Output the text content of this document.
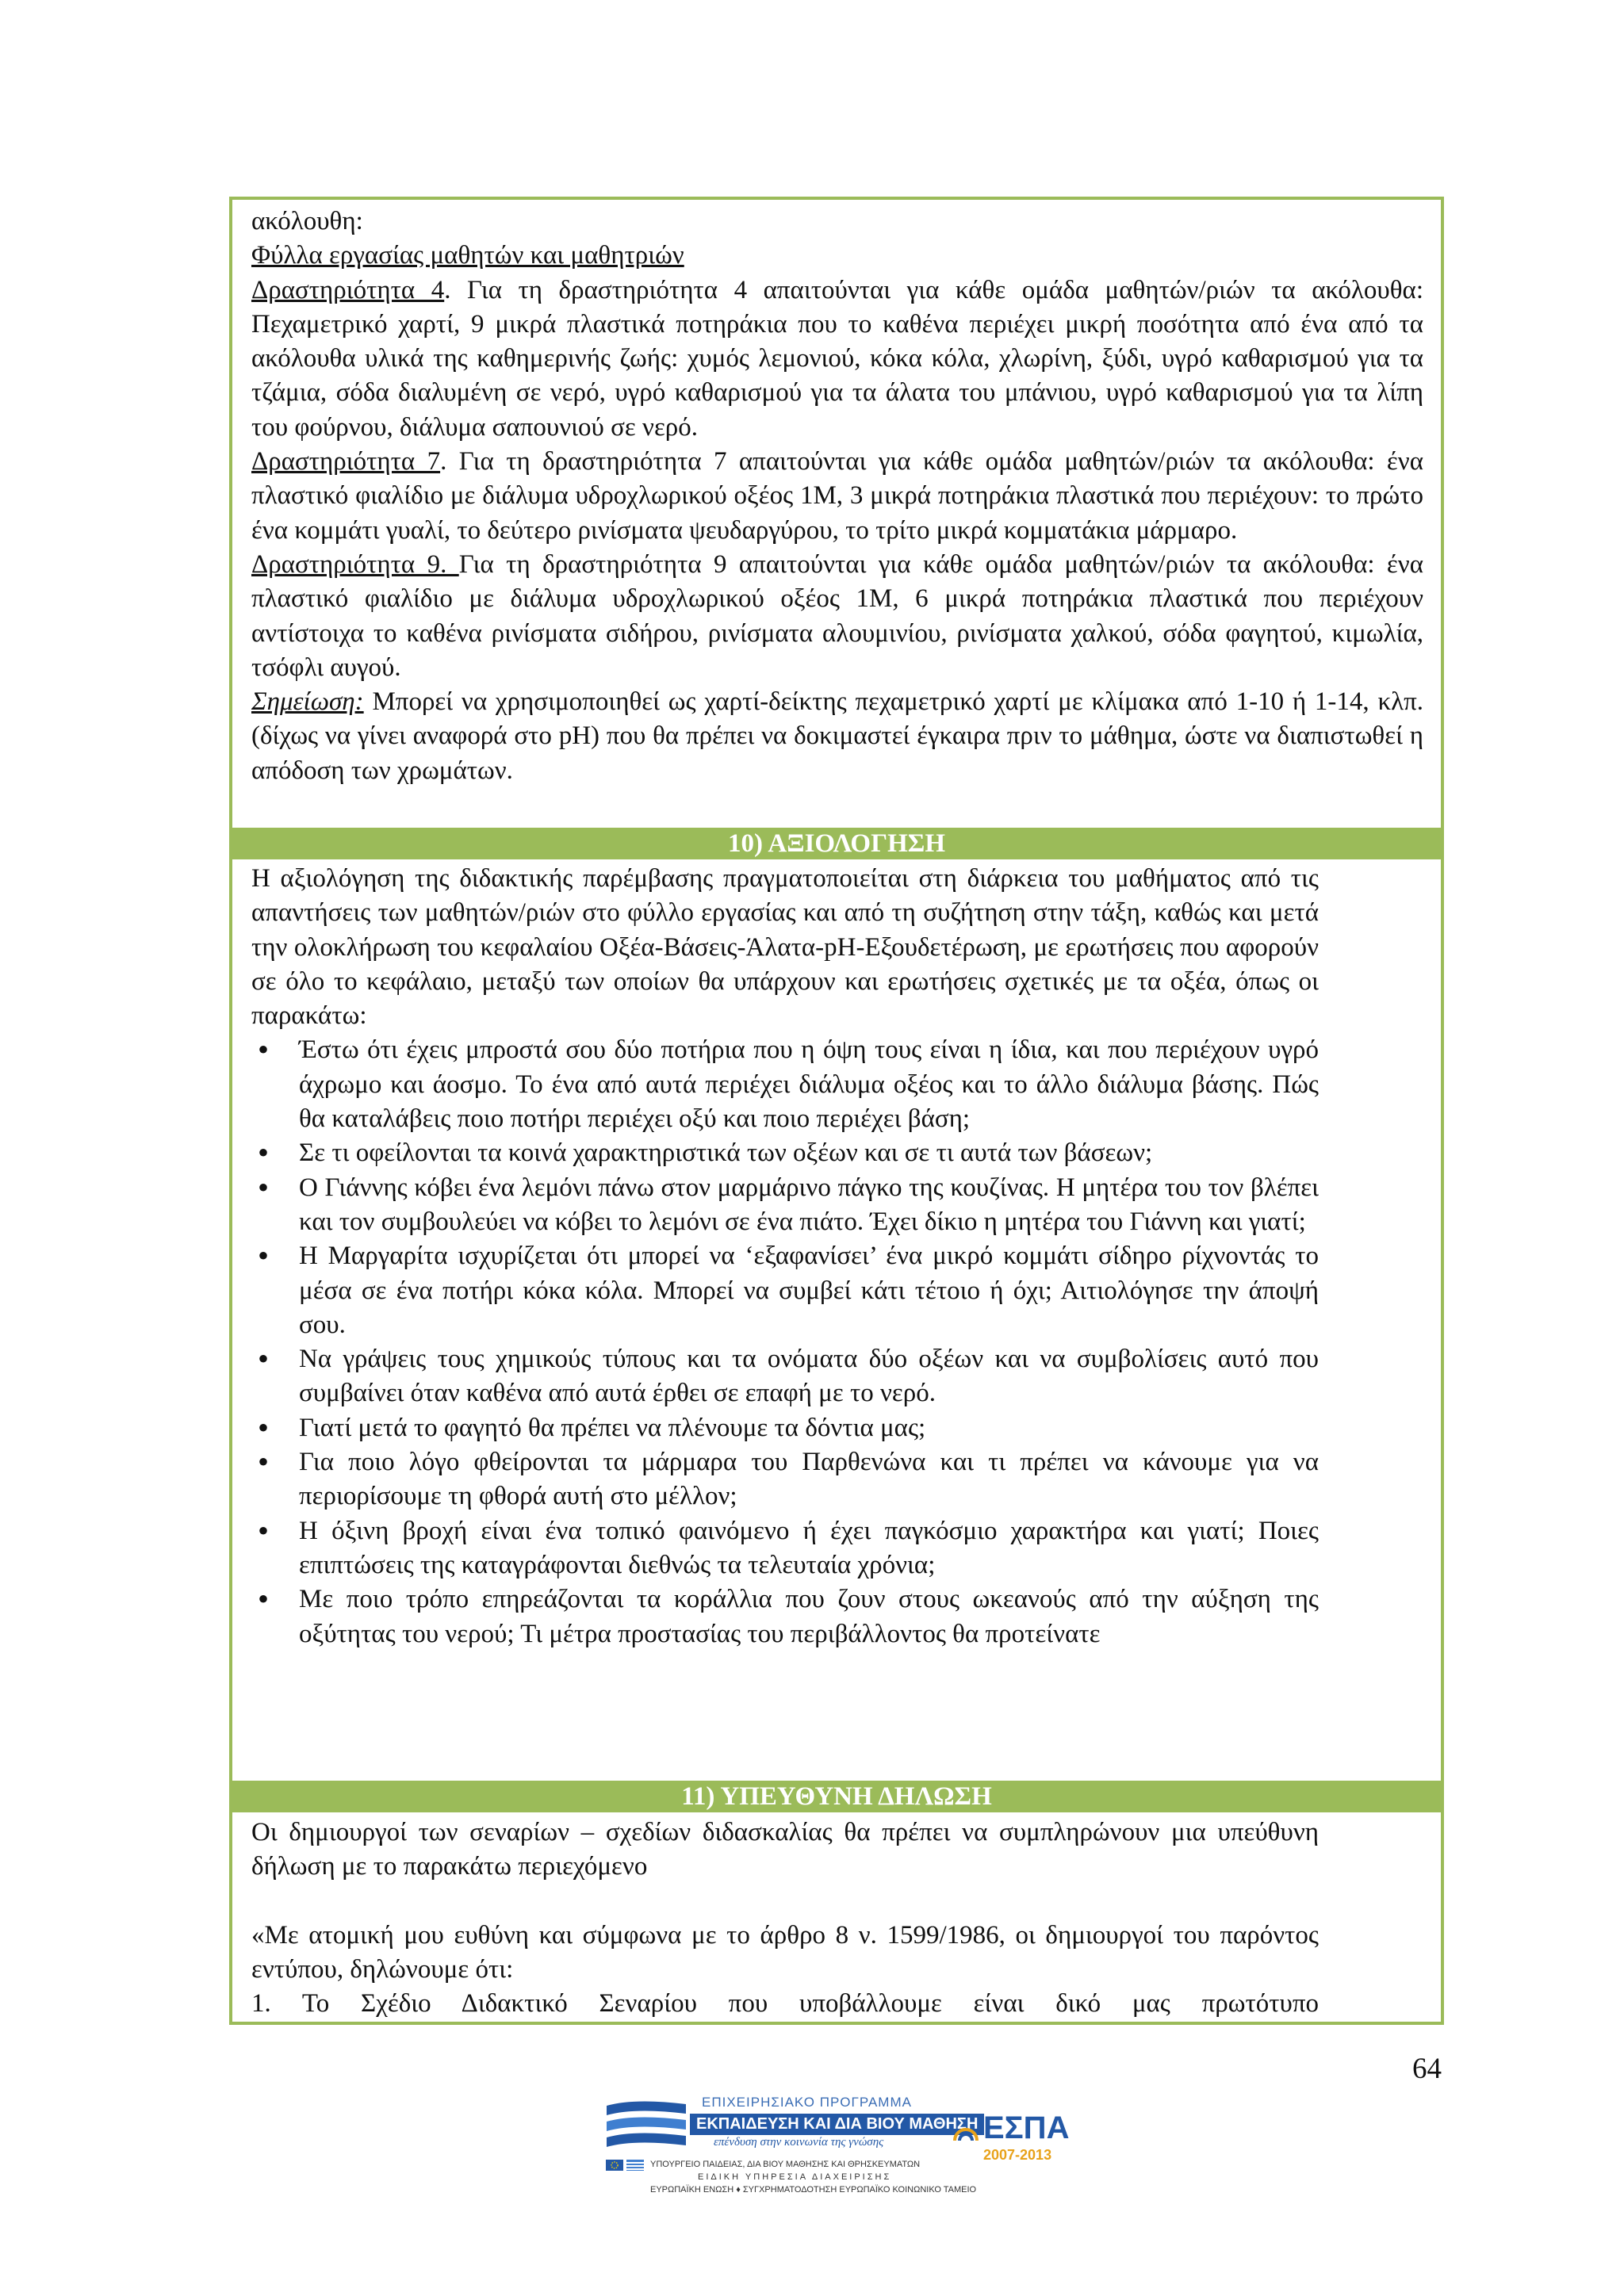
ακόλουθη:
Φύλλα εργασίας μαθητών και μαθητριών
Δραστηριότητα 4. Για τη δραστηριότητα 4 απαιτούνται για κάθε ομάδα μαθητών/ριών τα ακόλουθα: Πεχαμετρικό χαρτί, 9 μικρά πλαστικά ποτηράκια που το καθένα περιέχει μικρή ποσότητα από ένα από τα ακόλουθα υλικά της καθημερινής ζωής: χυμός λεμονιού, κόκα κόλα, χλωρίνη, ξύδι, υγρό καθαρισμού για τα τζάμια, σόδα διαλυμένη σε νερό, υγρό καθαρισμού για τα άλατα του μπάνιου, υγρό καθαρισμού για τα λίπη του φούρνου, διάλυμα σαπουνιού σε νερό.
Δραστηριότητα 7. Για τη δραστηριότητα 7 απαιτούνται για κάθε ομάδα μαθητών/ριών τα ακόλουθα: ένα πλαστικό φιαλίδιο με διάλυμα υδροχλωρικού οξέος 1M, 3 μικρά ποτηράκια πλαστικά που περιέχουν: το πρώτο ένα κομμάτι γυαλί, το δεύτερο ρινίσματα ψευδαργύρου, το τρίτο μικρά κομματάκια μάρμαρο.
Δραστηριότητα 9. Για τη δραστηριότητα 9 απαιτούνται για κάθε ομάδα μαθητών/ριών τα ακόλουθα: ένα πλαστικό φιαλίδιο με διάλυμα υδροχλωρικού οξέος 1M, 6 μικρά ποτηράκια πλαστικά που περιέχουν αντίστοιχα το καθένα ρινίσματα σιδήρου, ρινίσματα αλουμινίου, ρινίσματα χαλκού, σόδα φαγητού, κιμωλία, τσόφλι αυγού.
Σημείωση: Μπορεί να χρησιμοποιηθεί ως χαρτί-δείκτης πεχαμετρικό χαρτί με κλίμακα από 1-10 ή 1-14, κλπ. (δίχως να γίνει αναφορά στο pH) που θα πρέπει να δοκιμαστεί έγκαιρα πριν το μάθημα, ώστε να διαπιστωθεί η απόδοση των χρωμάτων.
10) ΑΞΙΟΛΟΓΗΣΗ
Η αξιολόγηση της διδακτικής παρέμβασης πραγματοποιείται στη διάρκεια του μαθήματος από τις απαντήσεις των μαθητών/ριών στο φύλλο εργασίας και από τη συζήτηση στην τάξη, καθώς και μετά την ολοκλήρωση του κεφαλαίου Οξέα-Βάσεις-Άλατα-pH-Εξουδετέρωση, με ερωτήσεις που αφορούν σε όλο το κεφάλαιο, μεταξύ των οποίων θα υπάρχουν και ερωτήσεις σχετικές με τα οξέα, όπως οι παρακάτω:
• Έστω ότι έχεις μπροστά σου δύο ποτήρια που η όψη τους είναι η ίδια, και που περιέχουν υγρό άχρωμο και άοσμο. Το ένα από αυτά περιέχει διάλυμα οξέος και το άλλο διάλυμα βάσης. Πώς θα καταλάβεις ποιο ποτήρι περιέχει οξύ και ποιο περιέχει βάση;
• Σε τι οφείλονται τα κοινά χαρακτηριστικά των οξέων και σε τι αυτά των βάσεων;
• Ο Γιάννης κόβει ένα λεμόνι πάνω στον μαρμάρινο πάγκο της κουζίνας. Η μητέρα του τον βλέπει και τον συμβουλεύει να κόβει το λεμόνι σε ένα πιάτο. Έχει δίκιο η μητέρα του Γιάννη και γιατί;
• Η Μαργαρίτα ισχυρίζεται ότι μπορεί να ‘εξαφανίσει’ ένα μικρό κομμάτι σίδηρο ρίχνοντάς το μέσα σε ένα ποτήρι κόκα κόλα. Μπορεί να συμβεί κάτι τέτοιο ή όχι; Αιτιολόγησε την άποψή σου.
• Να γράψεις τους χημικούς τύπους και τα ονόματα δύο οξέων και να συμβολίσεις αυτό που συμβαίνει όταν καθένα από αυτά έρθει σε επαφή με το νερό.
• Γιατί μετά το φαγητό θα πρέπει να πλένουμε τα δόντια μας;
• Για ποιο λόγο φθείρονται τα μάρμαρα του Παρθενώνα και τι πρέπει να κάνουμε για να περιορίσουμε τη φθορά αυτή στο μέλλον;
• Η όξινη βροχή είναι ένα τοπικό φαινόμενο ή έχει παγκόσμιο χαρακτήρα και γιατί; Ποιες επιπτώσεις της καταγράφονται διεθνώς τα τελευταία χρόνια;
• Με ποιο τρόπο επηρεάζονται τα κοράλλια που ζουν στους ωκεανούς από την αύξηση της οξύτητας του νερού; Τι μέτρα προστασίας του περιβάλλοντος θα προτείνατε
11) ΥΠΕΥΘΥΝΗ ΔΗΛΩΣΗ
Οι δημιουργοί των σεναρίων – σχεδίων διδασκαλίας θα πρέπει να συμπληρώνουν μια υπεύθυνη δήλωση με το παρακάτω περιεχόμενο
«Με ατομική μου ευθύνη και σύμφωνα με το άρθρο 8 ν. 1599/1986, οι δημιουργοί του παρόντος εντύπου, δηλώνουμε ότι:
1. Το Σχέδιο Διδακτικό Σεναρίου που υποβάλλουμε είναι δικό μας πρωτότυπο
64
ΕΠΙΧΕΙΡΗΣΙΑΚΟ ΠΡΟΓΡΑΜΜΑ
ΕΚΠΑΙΔΕΥΣΗ ΚΑΙ ΔΙΑ ΒΙΟΥ ΜΑΘΗΣΗ
επένδυση στην κοινωνία της γνώσης
ΥΠΟΥΡΓΕΙΟ ΠΑΙΔΕΙΑΣ, ΔΙΑ ΒΙΟΥ ΜΑΘΗΣΗΣ ΚΑΙ ΘΡΗΣΚΕΥΜΑΤΩΝ
ΕΙΔΙΚΗ ΥΠΗΡΕΣΙΑ ΔΙΑΧΕΙΡΙΣΗΣ
ΕΥΡΩΠΑΪΚΗ ΕΝΩΣΗ ♦ ΣΥΓΧΡΗΜΑΤΟΔΟΤΗΣΗ ΕΥΡΩΠΑΪΚΟ ΚΟΙΝΩΝΙΚΟ ΤΑΜΕΙΟ
ΕΣΠΑ
2007-2013
